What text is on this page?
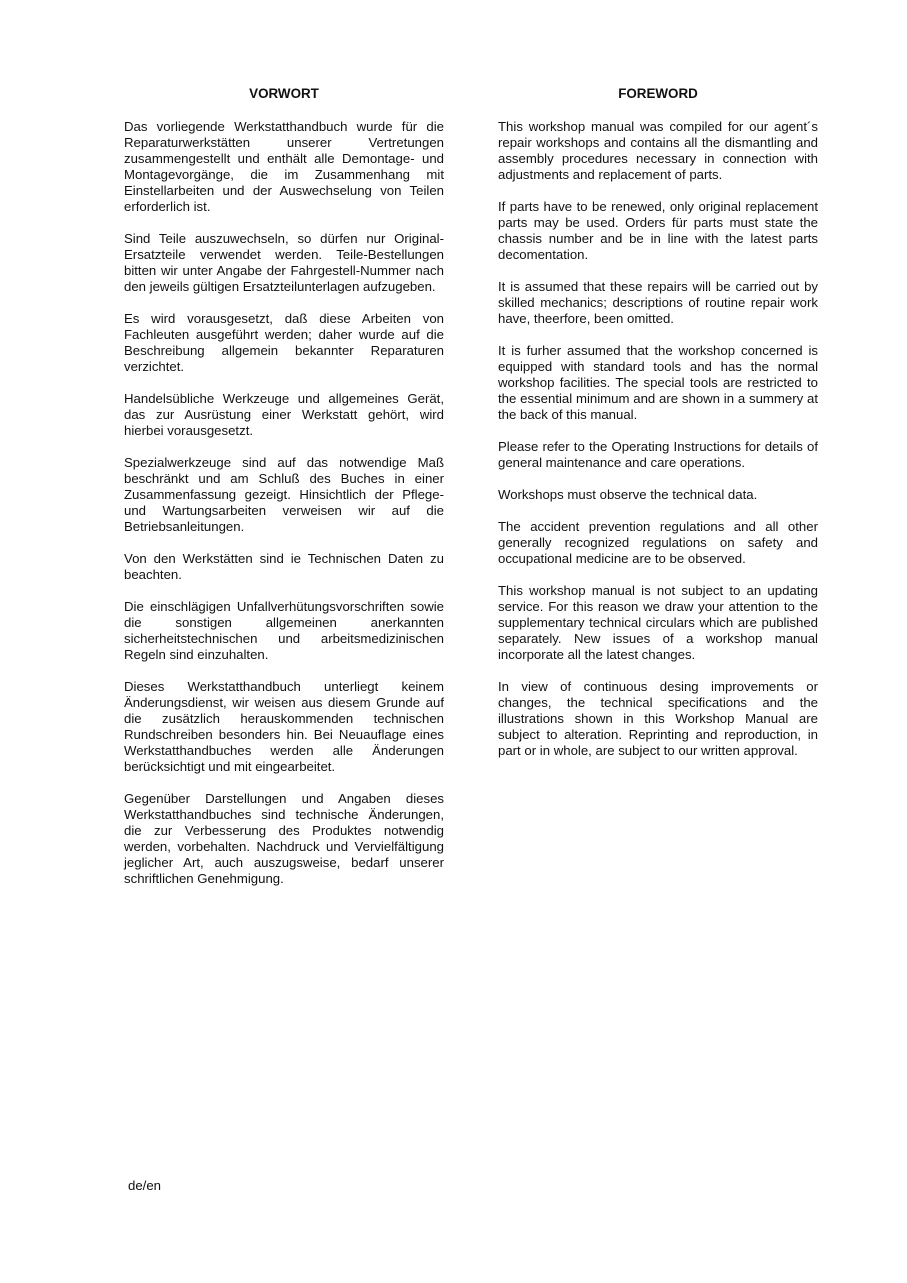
VORWORT

Das vorliegende Werkstatthandbuch wurde für die Reparaturwerkstätten unserer Vertretungen zusammengestellt und enthält alle Demontage- und Montagevorgänge, die im Zusammenhang mit Einstellarbeiten und der Auswechselung von Teilen erforderlich ist.

Sind Teile auszuwechseln, so dürfen nur Original-Ersatzteile verwendet werden. Teile-Bestellungen bitten wir unter Angabe der Fahrgestell-Nummer nach den jeweils gültigen Ersatzteilunterlagen aufzugeben.

Es wird vorausgesetzt, daß diese Arbeiten von Fachleuten ausgeführt werden; daher wurde auf die Beschreibung allgemein bekannter Reparaturen verzichtet.

Handelsübliche Werkzeuge und allgemeines Gerät, das zur Ausrüstung einer Werkstatt gehört, wird hierbei vorausgesetzt.

Spezialwerkzeuge sind auf das notwendige Maß beschränkt und am Schluß des Buches in einer Zusammenfassung gezeigt. Hinsichtlich der Pflege- und Wartungsarbeiten verweisen wir auf die Betriebsanleitungen.

Von den Werkstätten sind ie Technischen Daten zu beachten.

Die einschlägigen Unfallverhütungsvorschriften sowie die sonstigen allgemeinen anerkannten sicherheitstechnischen und arbeitsmedizinischen Regeln sind einzuhalten.

Dieses Werkstatthandbuch unterliegt keinem Änderungsdienst, wir weisen aus diesem Grunde auf die zusätzlich herauskommenden technischen Rundschreiben besonders hin. Bei Neuauflage eines Werkstatthandbuches werden alle Änderungen berücksichtigt und mit eingearbeitet.

Gegenüber Darstellungen und Angaben dieses Werkstatthandbuches sind technische Änderungen, die zur Verbesserung des Produktes notwendig werden, vorbehalten. Nachdruck und Vervielfältigung jeglicher Art, auch auszugsweise, bedarf unserer schriftlichen Genehmigung.

FOREWORD

This workshop manual was compiled for our agent´s repair workshops and contains all the dismantling and assembly procedures necessary in connection with adjustments and replacement of parts.

If parts have to be renewed, only original replacement parts may be used. Orders für parts must state the chassis number and be in line with the latest parts decomentation.

It is assumed that these repairs will be carried out by skilled mechanics; descriptions of routine repair work have, theerfore, been omitted.

It is furher assumed that the workshop concerned is equipped with standard tools and has the normal workshop facilities. The special tools are restricted to the essential minimum and are shown in a summery at the back of this manual.

Please refer to the Operating Instructions for details of general maintenance and care operations.

Workshops must observe the technical data.

The accident prevention regulations and all other generally recognized regulations on safety and occupational medicine are to be observed.

This workshop manual is not subject to an updating service. For this reason we draw your attention to the supplementary technical circulars which are published separately. New issues of a workshop manual incorporate all the latest changes.

In view of continuous desing improvements or changes, the technical specifications and the illustrations shown in this Workshop Manual are subject to alteration. Reprinting and reproduction, in part or in whole, are subject to our written approval.

de/en
